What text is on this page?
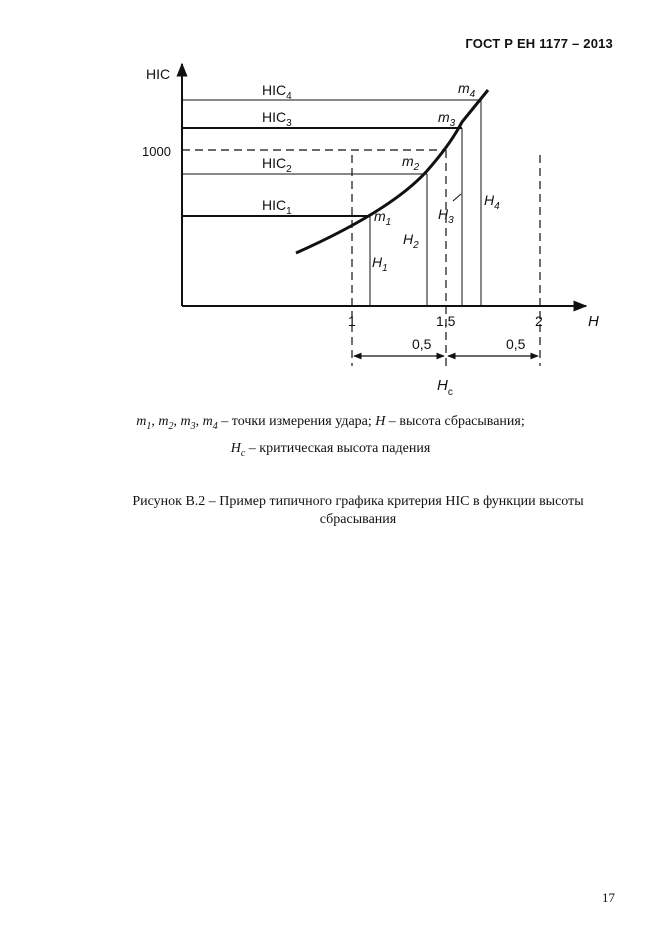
ГОСТ Р ЕН 1177 – 2013
HIC
H
1000
$HIC_4$
$HIC_3$
$HIC_2$
$HIC_1$
$m_4$
$m_3$
$m_2$
$m_1$
$H_1$
$H_2$
$H_3$
$H_4$
1	1,5	2
0,5	0,5
$H_c$
$m_1$, $m_2$, $m_3$, $m_4$ – точки измерения удара; H – высота сбрасывания;
$H_c$ – критическая высота падения
Рисунок В.2 – Пример типичного графика критерия HIC в функции высоты
сбрасывания
17
